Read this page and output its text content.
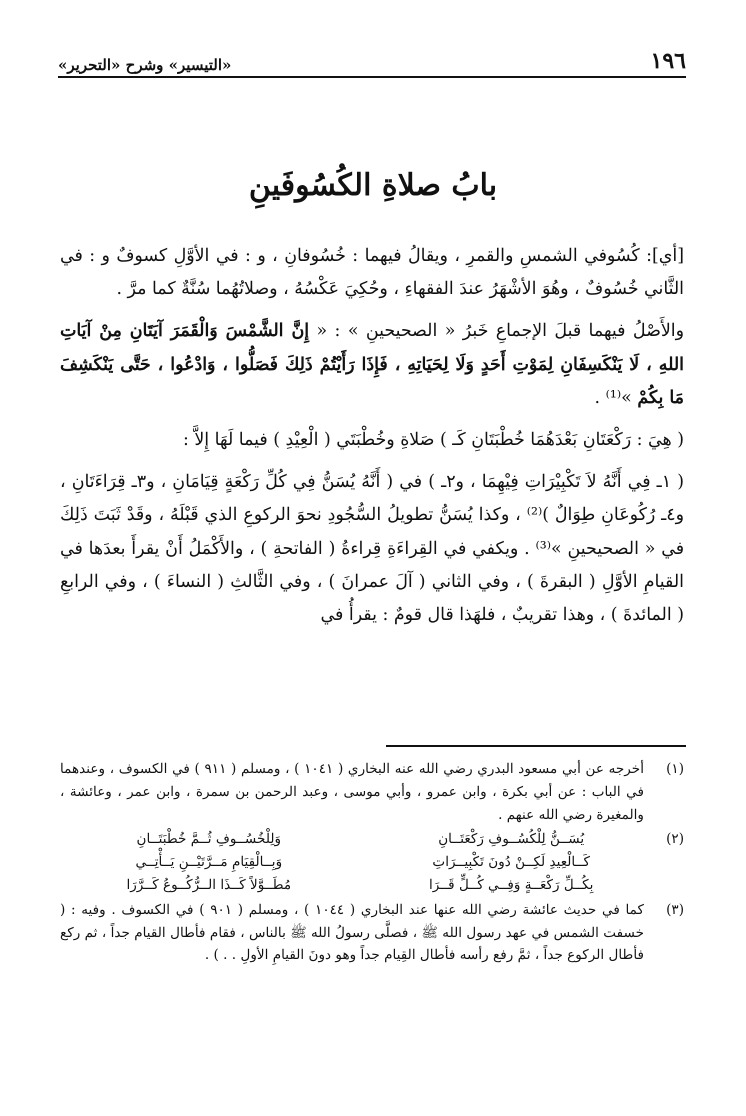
١٩٦
«التيسير» وشرح «التحرير»
بابُ صلاةِ الكُسُوفَينِ

[أي]: كُسُوفي الشمسِ والقمرِ ، ويقالُ فيهما : خُسُوفانِ ، و : في الأوَّلِ كسوفٌ و : في الثَّاني خُسُوفٌ ، وهُوَ الأشْهَرُ عندَ الفقهاءِ ، وحُكِيَ عَكْسُهُ ، وصلاتُهُما سُنَّةٌ كما مرَّ .

والأَصْلُ فيهما قبلَ الإجماعِ خَبرُ « الصحيحينِ » : « إِنَّ الشَّمْسَ وَالْقَمَرَ آيَتَانِ مِنْ آيَاتِ اللهِ ، لَا يَنْكَسِفَانِ لِمَوْتِ أَحَدٍ وَلَا لِحَيَاتِهِ ، فَإِذَا رَأَيْتُمْ ذَلِكَ فَصَلُّوا ، وَادْعُوا ، حَتَّى يَنْكَشِفَ مَا بِكُمْ »⁽¹⁾ .

( هِيَ : رَكْعَتَانِ بَعْدَهُمَا خُطْبَتَانِ كَـ ) صَلاةِ وخُطْبَتَي ( الْعِيْدِ ) فيما لَهَا إِلاَّ :

( ١ـ فِي أَنَّهُ لاَ تَكْبِيْرَاتِ فِيْهِمَا ، و٢ـ ) في ( أَنَّهُ يُسَنُّ فِي كُلِّ رَكْعَةٍ قِيَامَانِ ، و٣ـ قِرَاءَتَانِ ، و٤ـ رُكُوعَانِ طِوَالٌ )⁽²⁾ ، وكذا يُسَنُّ تطويلُ السُّجُودِ نحوَ الركوعِ الذي قَبْلَهُ ، وقَدْ ثَبَتَ ذَلِكَ في « الصحيحينِ »⁽³⁾ . ويكفي في القِراءَةِ قِراءةُ ( الفاتحةِ ) ، والأَكْمَلُ أَنْ يقرأَ بعدَها في القيامِ الأوَّلِ ( البقرةَ ) ، وفي الثاني ( آلَ عمرانَ ) ، وفي الثَّالثِ ( النساءَ ) ، وفي الرابعِ ( المائدةَ ) ، وهذا تقريبٌ ، فلهَذا قال قومٌ : يقرأُ في

(١)
أخرجه عن أبي مسعود البدري رضي الله عنه البخاري ( ١٠٤١ ) ، ومسلم ( ٩١١ ) في الكسوف ، وعندهما في الباب : عن أبي بكرة ، وابن عمرو ، وأبي موسى ، وعبد الرحمن بن سمرة ، وابن عمر ، وعائشة ، والمغيرة رضي الله عنهم .
(٢)
يُسَــنُّ لِلْكُسُــوفِ رَكْعَتَــانِ
وَلِلْخُسُــوفِ ثُــمَّ خُطْبَتَــانِ
كَــالْعِيدِ لَكِــنْ دُونَ تَكْبِيــرَاتِ
وَبِــالْقِيَامِ مَــرَّتَيْــنِ يَــأْتِــي
بِكُــلِّ رَكْعَــةٍ وَفِــي كُــلٍّ قَــرَا
مُطَــوَّلاً كَــذَا الــرُّكُــوعُ كَــرَّرَا
(٣)
كما في حديث عائشة رضي الله عنها عند البخاري ( ١٠٤٤ ) ، ومسلم ( ٩٠١ ) في الكسوف . وفيه : ( خسفت الشمس في عهد رسول الله ﷺ ، فصلَّى رسولُ الله ﷺ بالناس ، فقام فأطال القيام جداً ، ثم ركع فأطال الركوع جداً ، ثمَّ رفع رأسه فأطال القِيام جداً وهو دونَ القيامِ الأولِ . . ) .
